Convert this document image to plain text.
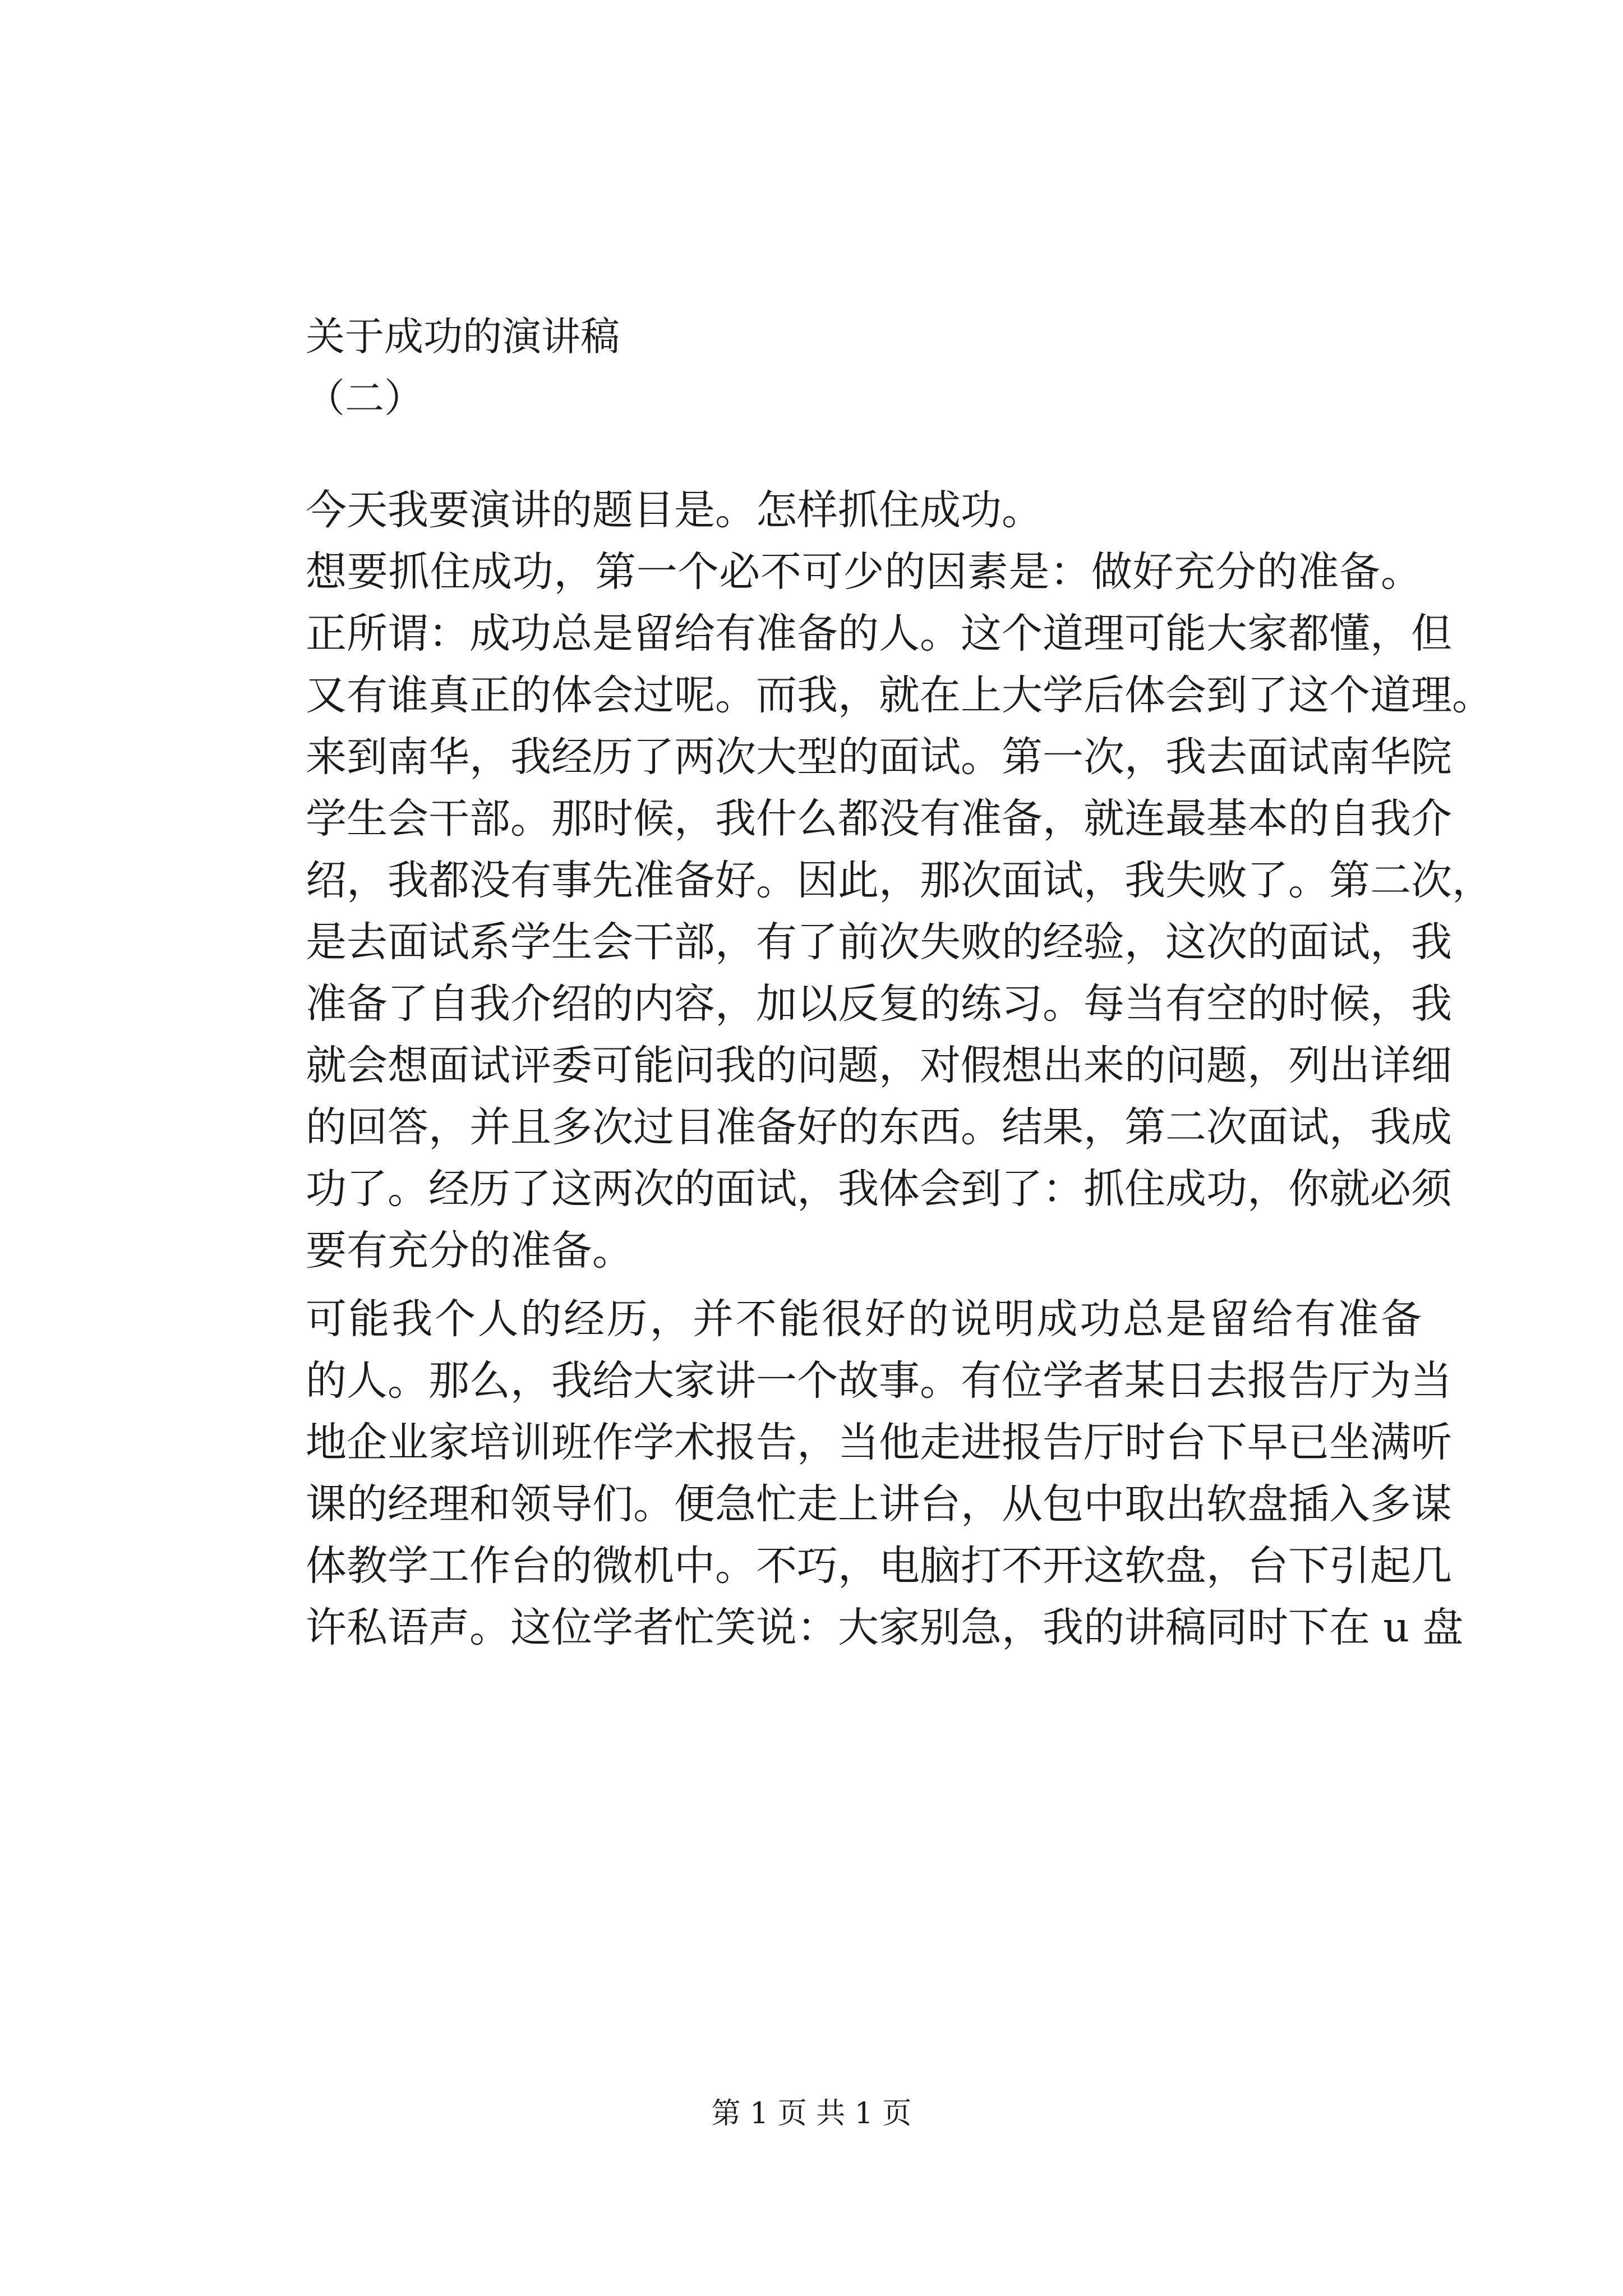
关于成功的演讲稿
（二）
今天我要演讲的题目是。怎样抓住成功。
想要抓住成功，第一个必不可少的因素是：做好充分的准备。
正所谓：成功总是留给有准备的人。这个道理可能大家都懂，但
又有谁真正的体会过呢。而我，就在上大学后体会到了这个道理。
来到南华，我经历了两次大型的面试。第一次，我去面试南华院
学生会干部。那时候，我什么都没有准备，就连最基本的自我介
绍，我都没有事先准备好。因此，那次面试，我失败了。第二次，
是去面试系学生会干部，有了前次失败的经验，这次的面试，我
准备了自我介绍的内容，加以反复的练习。每当有空的时候，我
就会想面试评委可能问我的问题，对假想出来的问题，列出详细
的回答，并且多次过目准备好的东西。结果，第二次面试，我成
功了。经历了这两次的面试，我体会到了：抓住成功，你就必须
要有充分的准备。
可能我个人的经历，并不能很好的说明成功总是留给有准备
的人。那么，我给大家讲一个故事。有位学者某日去报告厅为当
地企业家培训班作学术报告，当他走进报告厅时台下早已坐满听
课的经理和领导们。便急忙走上讲台，从包中取出软盘插入多谋
体教学工作台的微机中。不巧，电脑打不开这软盘，台下引起几
许私语声。这位学者忙笑说：大家别急，我的讲稿同时下在 u 盘
第 1 页 共 1 页
